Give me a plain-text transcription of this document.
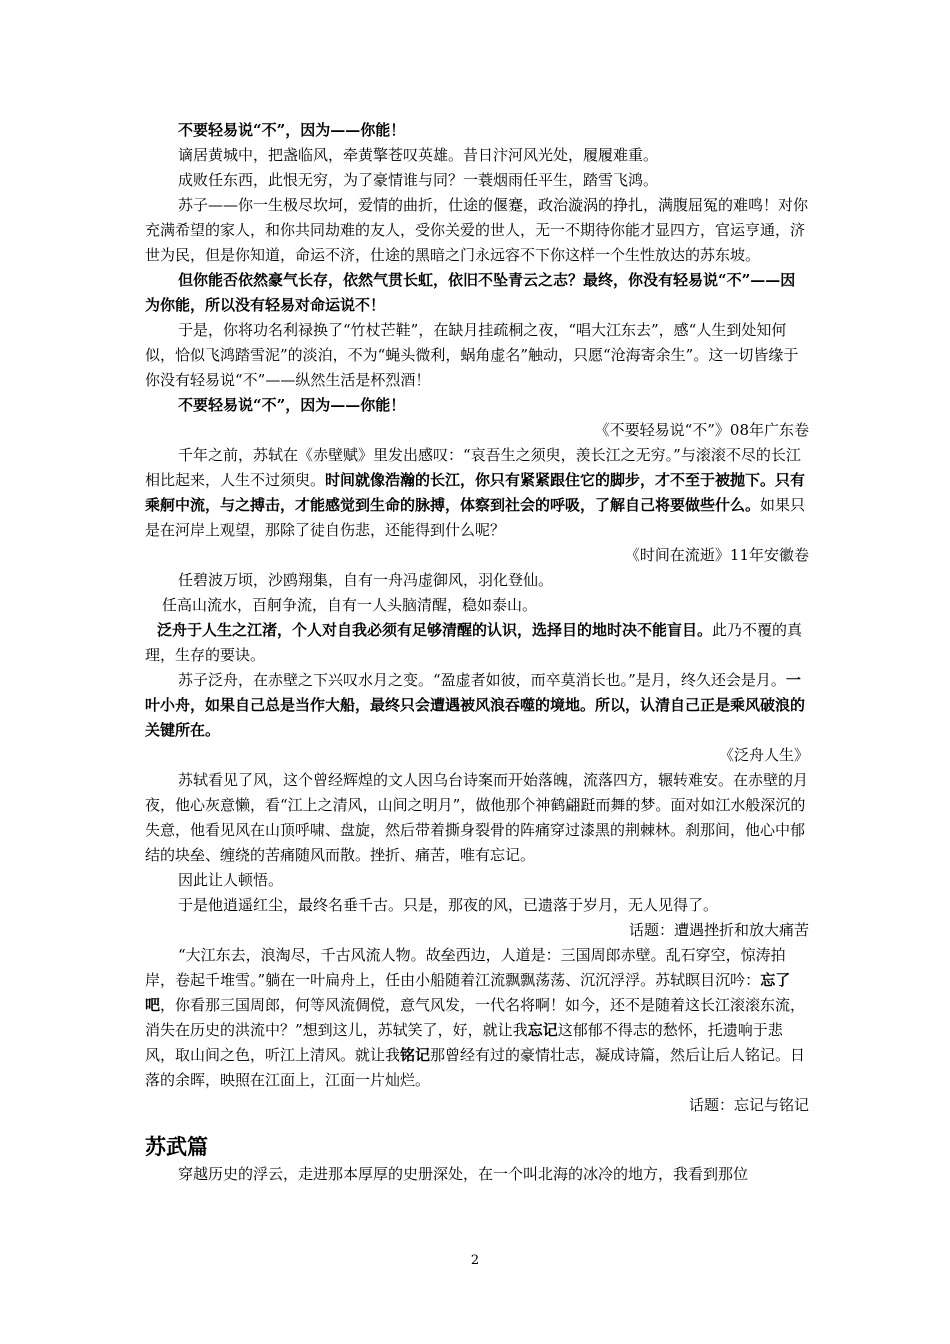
不要轻易说“不”，因为——你能！

谪居黄城中，把盏临风，牵黄擎苍叹英雄。昔日汴河风光处，履履难重。

成败任东西，此恨无穷，为了豪情谁与同？一蓑烟雨任平生，踏雪飞鸿。

苏子——你一生极尽坎坷，爱情的曲折，仕途的偃蹇，政治漩涡的挣扎，满腹屈冤的难鸣！对你充满希望的家人，和你共同劫难的友人，受你关爱的世人，无一不期待你能才显四方，官运亨通，济世为民，但是你知道，命运不济，仕途的黑暗之门永远容不下你这样一个生性放达的苏东坡。

但你能否依然豪气长存，依然气贯长虹，依旧不坠青云之志？最终，你没有轻易说“不”——因为你能，所以没有轻易对命运说不！

于是，你将功名利禄换了“竹杖芒鞋”，在缺月挂疏桐之夜，“唱大江东去”，感“人生到处知何似，恰似飞鸿踏雪泥”的淡泊，不为“蝇头微利，蜗角虚名”触动，只愿“沧海寄余生”。这一切皆缘于你没有轻易说“不”——纵然生活是杯烈酒！

不要轻易说“不”，因为——你能！

《不要轻易说“不”》08年广东卷

千年之前，苏轼在《赤壁赋》里发出感叹：“哀吾生之须臾，羡长江之无穷。”与滚滚不尽的长江相比起来，人生不过须臾。时间就像浩瀚的长江，你只有紧紧跟住它的脚步，才不至于被抛下。只有乘舸中流，与之搏击，才能感觉到生命的脉搏，体察到社会的呼吸，了解自己将要做些什么。如果只是在河岸上观望，那除了徒自伤悲，还能得到什么呢？

《时间在流逝》11年安徽卷

任碧波万顷，沙鸥翔集，自有一舟冯虚御风，羽化登仙。

任高山流水，百舸争流，自有一人头脑清醒，稳如泰山。

泛舟于人生之江渚，个人对自我必须有足够清醒的认识，选择目的地时决不能盲目。此乃不覆的真理，生存的要诀。

苏子泛舟，在赤壁之下兴叹水月之变。“盈虚者如彼，而卒莫消长也。”是月，终久还会是月。一叶小舟，如果自己总是当作大船，最终只会遭遇被风浪吞噬的境地。所以，认清自己正是乘风破浪的关键所在。

《泛舟人生》

苏轼看见了风，这个曾经辉煌的文人因乌台诗案而开始落魄，流落四方，辗转难安。在赤壁的月夜，他心灰意懒，看“江上之清风，山间之明月”，做他那个神鹤翩跹而舞的梦。面对如江水般深沉的失意，他看见风在山顶呼啸、盘旋，然后带着撕身裂骨的阵痛穿过漆黑的荆棘林。刹那间，他心中郁结的块垒、缠绕的苦痛随风而散。挫折、痛苦，唯有忘记。

因此让人顿悟。

于是他逍遥红尘，最终名垂千古。只是，那夜的风，已遗落于岁月，无人见得了。

话题：遭遇挫折和放大痛苦

“大江东去，浪淘尽，千古风流人物。故垒西边，人道是：三国周郎赤壁。乱石穿空，惊涛拍岸，卷起千堆雪。”躺在一叶扁舟上，任由小船随着江流飘飘荡荡、沉沉浮浮。苏轼瞑目沉吟：忘了吧，你看那三国周郎，何等风流倜傥，意气风发，一代名将啊！如今，还不是随着这长江滚滚东流，消失在历史的洪流中？”想到这儿，苏轼笑了，好，就让我忘记这郁郁不得志的愁怀，托遗响于悲风，取山间之色，听江上清风。就让我铭记那曾经有过的豪情壮志，凝成诗篇，然后让后人铭记。日落的余晖，映照在江面上，江面一片灿烂。

话题：忘记与铭记

苏武篇

穿越历史的浮云，走进那本厚厚的史册深处，在一个叫北海的冰冷的地方，我看到那位

2
